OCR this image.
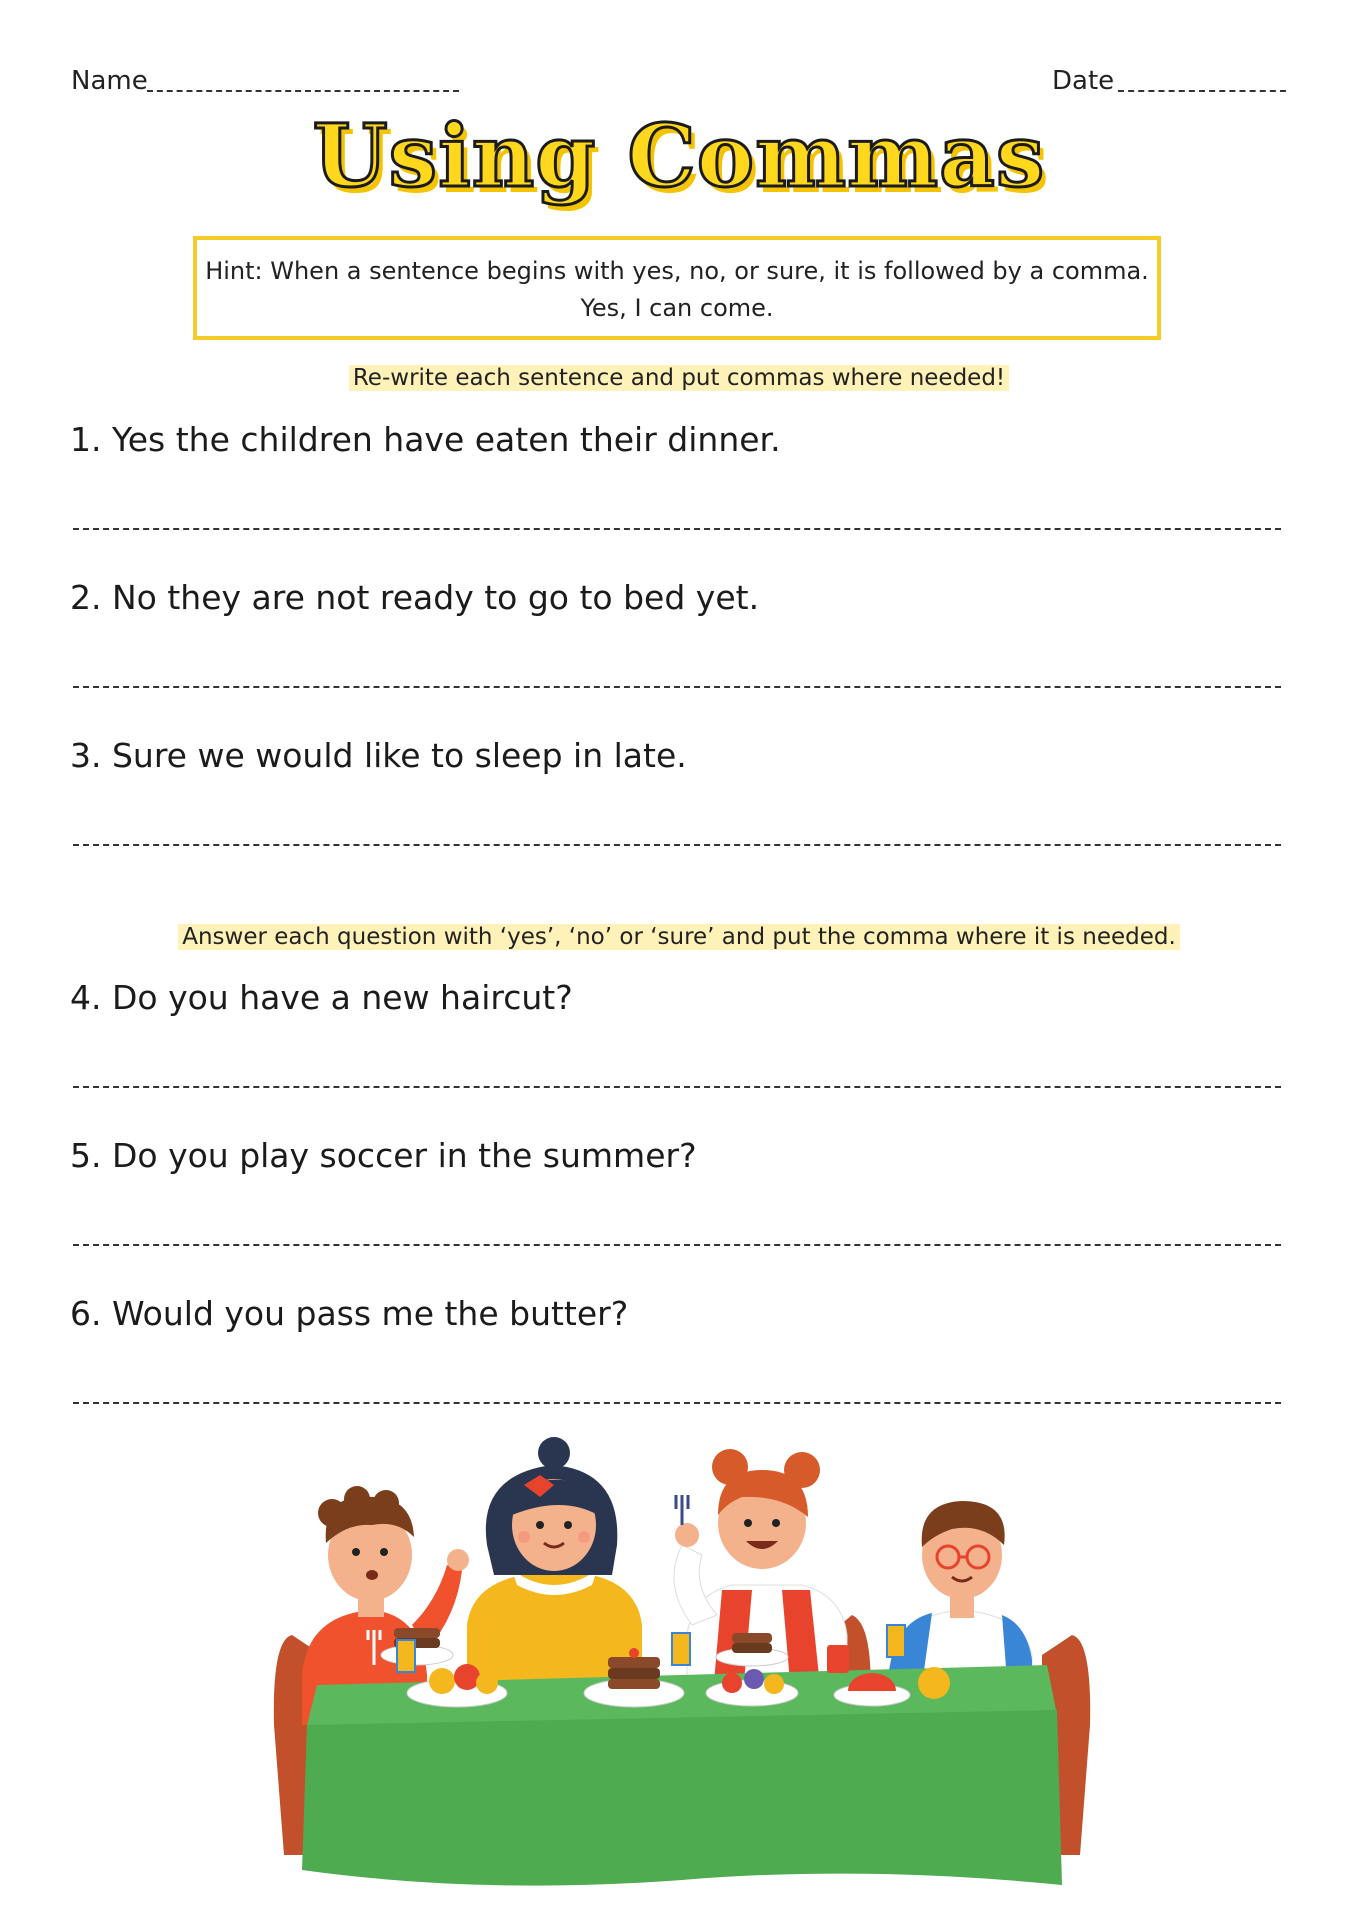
Name	Date
Using Commas
Hint: When a sentence begins with yes, no, or sure, it is followed by a comma.
Yes, I can come.
Re-write each sentence and put commas where needed!
1. Yes the children have eaten their dinner.
2. No they are not ready to go to bed yet.
3. Sure we would like to sleep in late.
Answer each question with ‘yes’, ‘no’ or ‘sure’ and put the comma where it is needed.
4. Do you have a new haircut?
5. Do you play soccer in the summer?
6. Would you pass me the butter?
